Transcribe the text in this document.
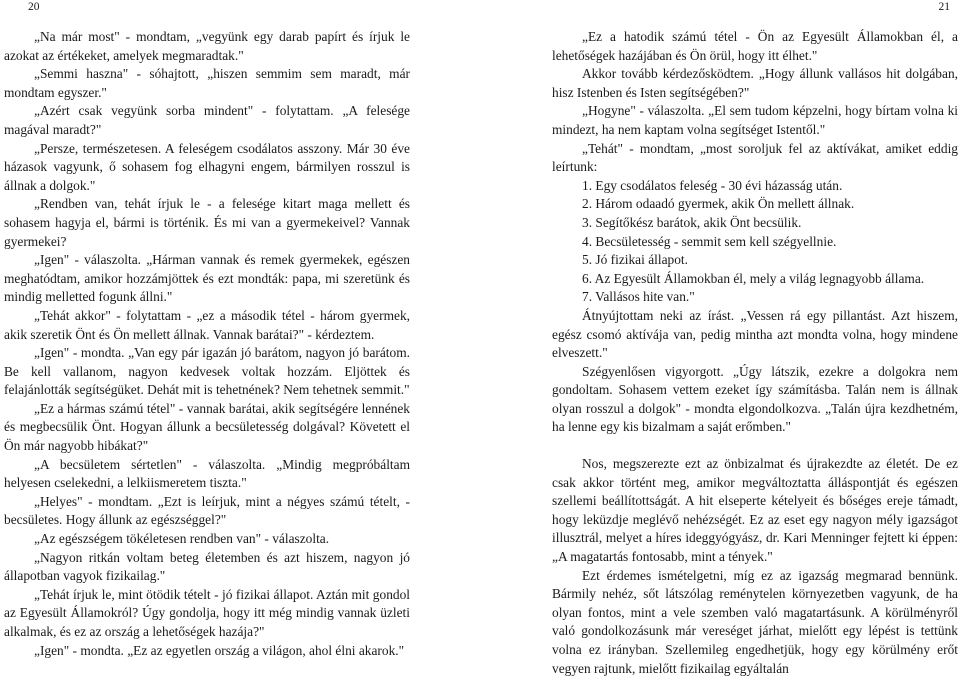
20	21

„Na már most" - mondtam, „vegyünk egy darab papírt és írjuk le azokat az értékeket, amelyek megmaradtak."

„Semmi haszna" - sóhajtott, „hiszen semmim sem maradt, már mondtam egyszer."

„Azért csak vegyünk sorba mindent" - folytattam. „A felesége magával maradt?"

„Persze, természetesen. A feleségem csodálatos asszony. Már 30 éve házasok vagyunk, ő sohasem fog elhagyni engem, bármilyen rosszul is állnak a dolgok."

„Rendben van, tehát írjuk le - a felesége kitart maga mellett és sohasem hagyja el, bármi is történik. És mi van a gyermekeivel? Vannak gyermekei?

„Igen" - válaszolta. „Hárman vannak és remek gyermekek, egészen meghatódtam, amikor hozzámjöttek és ezt mondták: papa, mi szeretünk és mindig melletted fogunk állni."

„Tehát akkor" - folytattam - „ez a második tétel - három gyermek, akik szeretik Önt és Ön mellett állnak. Vannak barátai?" - kérdeztem.

„Igen" - mondta. „Van egy pár igazán jó barátom, nagyon jó barátom. Be kell vallanom, nagyon kedvesek voltak hozzám. Eljöttek és felajánlották segítségüket. Dehát mit is tehetnének? Nem tehetnek semmit."

„Ez a hármas számú tétel" - vannak barátai, akik segítségére lennének és megbecsülik Önt. Hogyan állunk a becsületesség dolgával? Követett el Ön már nagyobb hibákat?"

„A becsületem sértetlen" - válaszolta. „Mindig megpróbáltam helyesen cselekedni, a lelkiismeretem tiszta."

„Helyes" - mondtam. „Ezt is leírjuk, mint a négyes számú tételt, - becsületes. Hogy állunk az egészséggel?"

„Az egészségem tökéletesen rendben van" - válaszolta.

„Nagyon ritkán voltam beteg életemben és azt hiszem, nagyon jó állapotban vagyok fizikailag."

„Tehát írjuk le, mint ötödik tételt - jó fizikai állapot. Aztán mit gondol az Egyesült Államokról? Úgy gondolja, hogy itt még mindig vannak üzleti alkalmak, és ez az ország a lehetőségek hazája?"

„Igen" - mondta. „Ez az egyetlen ország a világon, ahol élni akarok."

„Ez a hatodik számú tétel - Ön az Egyesült Államokban él, a lehetőségek hazájában és Ön örül, hogy itt élhet."

Akkor tovább kérdezősködtem. „Hogy állunk vallásos hit dolgában, hisz Istenben és Isten segítségében?"

„Hogyne" - válaszolta. „El sem tudom képzelni, hogy bírtam volna ki mindezt, ha nem kaptam volna segítséget Istentől."

„Tehát" - mondtam, „most soroljuk fel az aktívákat, amiket eddig leírtunk:

1. Egy csodálatos feleség - 30 évi házasság után.

2. Három odaadó gyermek, akik Ön mellett állnak.

3. Segítőkész barátok, akik Önt becsülik.

4. Becsületesség - semmit sem kell szégyellnie.

5. Jó fizikai állapot.

6. Az Egyesült Államokban él, mely a világ legnagyobb állama.

7. Vallásos hite van."

Átnyújtottam neki az írást. „Vessen rá egy pillantást. Azt hiszem, egész csomó aktívája van, pedig mintha azt mondta volna, hogy mindene elveszett."

Szégyenlősen vigyorgott. „Úgy látszik, ezekre a dolgokra nem gondoltam. Sohasem vettem ezeket így számításba. Talán nem is állnak olyan rosszul a dolgok" - mondta elgondolkozva. „Talán újra kezdhetném, ha lenne egy kis bizalmam a saját erőmben."

Nos, megszerezte ezt az önbizalmat és újrakezdte az életét. De ez csak akkor történt meg, amikor megváltoztatta álláspontját és egészen szellemi beállítottságát. A hit elseperte kételyeit és bőséges ereje támadt, hogy leküzdje meglévő nehézségét. Ez az eset egy nagyon mély igazságot illusztrál, melyet a híres ideggyógyász, dr. Kari Menninger fejtett ki éppen: „A magatartás fontosabb, mint a tények."

Ezt érdemes ismételgetni, míg ez az igazság megmarad bennünk. Bármily nehéz, sőt látszólag reménytelen környezetben vagyunk, de ha olyan fontos, mint a vele szemben való magatartásunk. A körülményről való gondolkozásunk már vereséget járhat, mielőtt egy lépést is tettünk volna ez irányban. Szellemileg engedhetjük, hogy egy körülmény erőt vegyen rajtunk, mielőtt fizikailag egyáltalán
